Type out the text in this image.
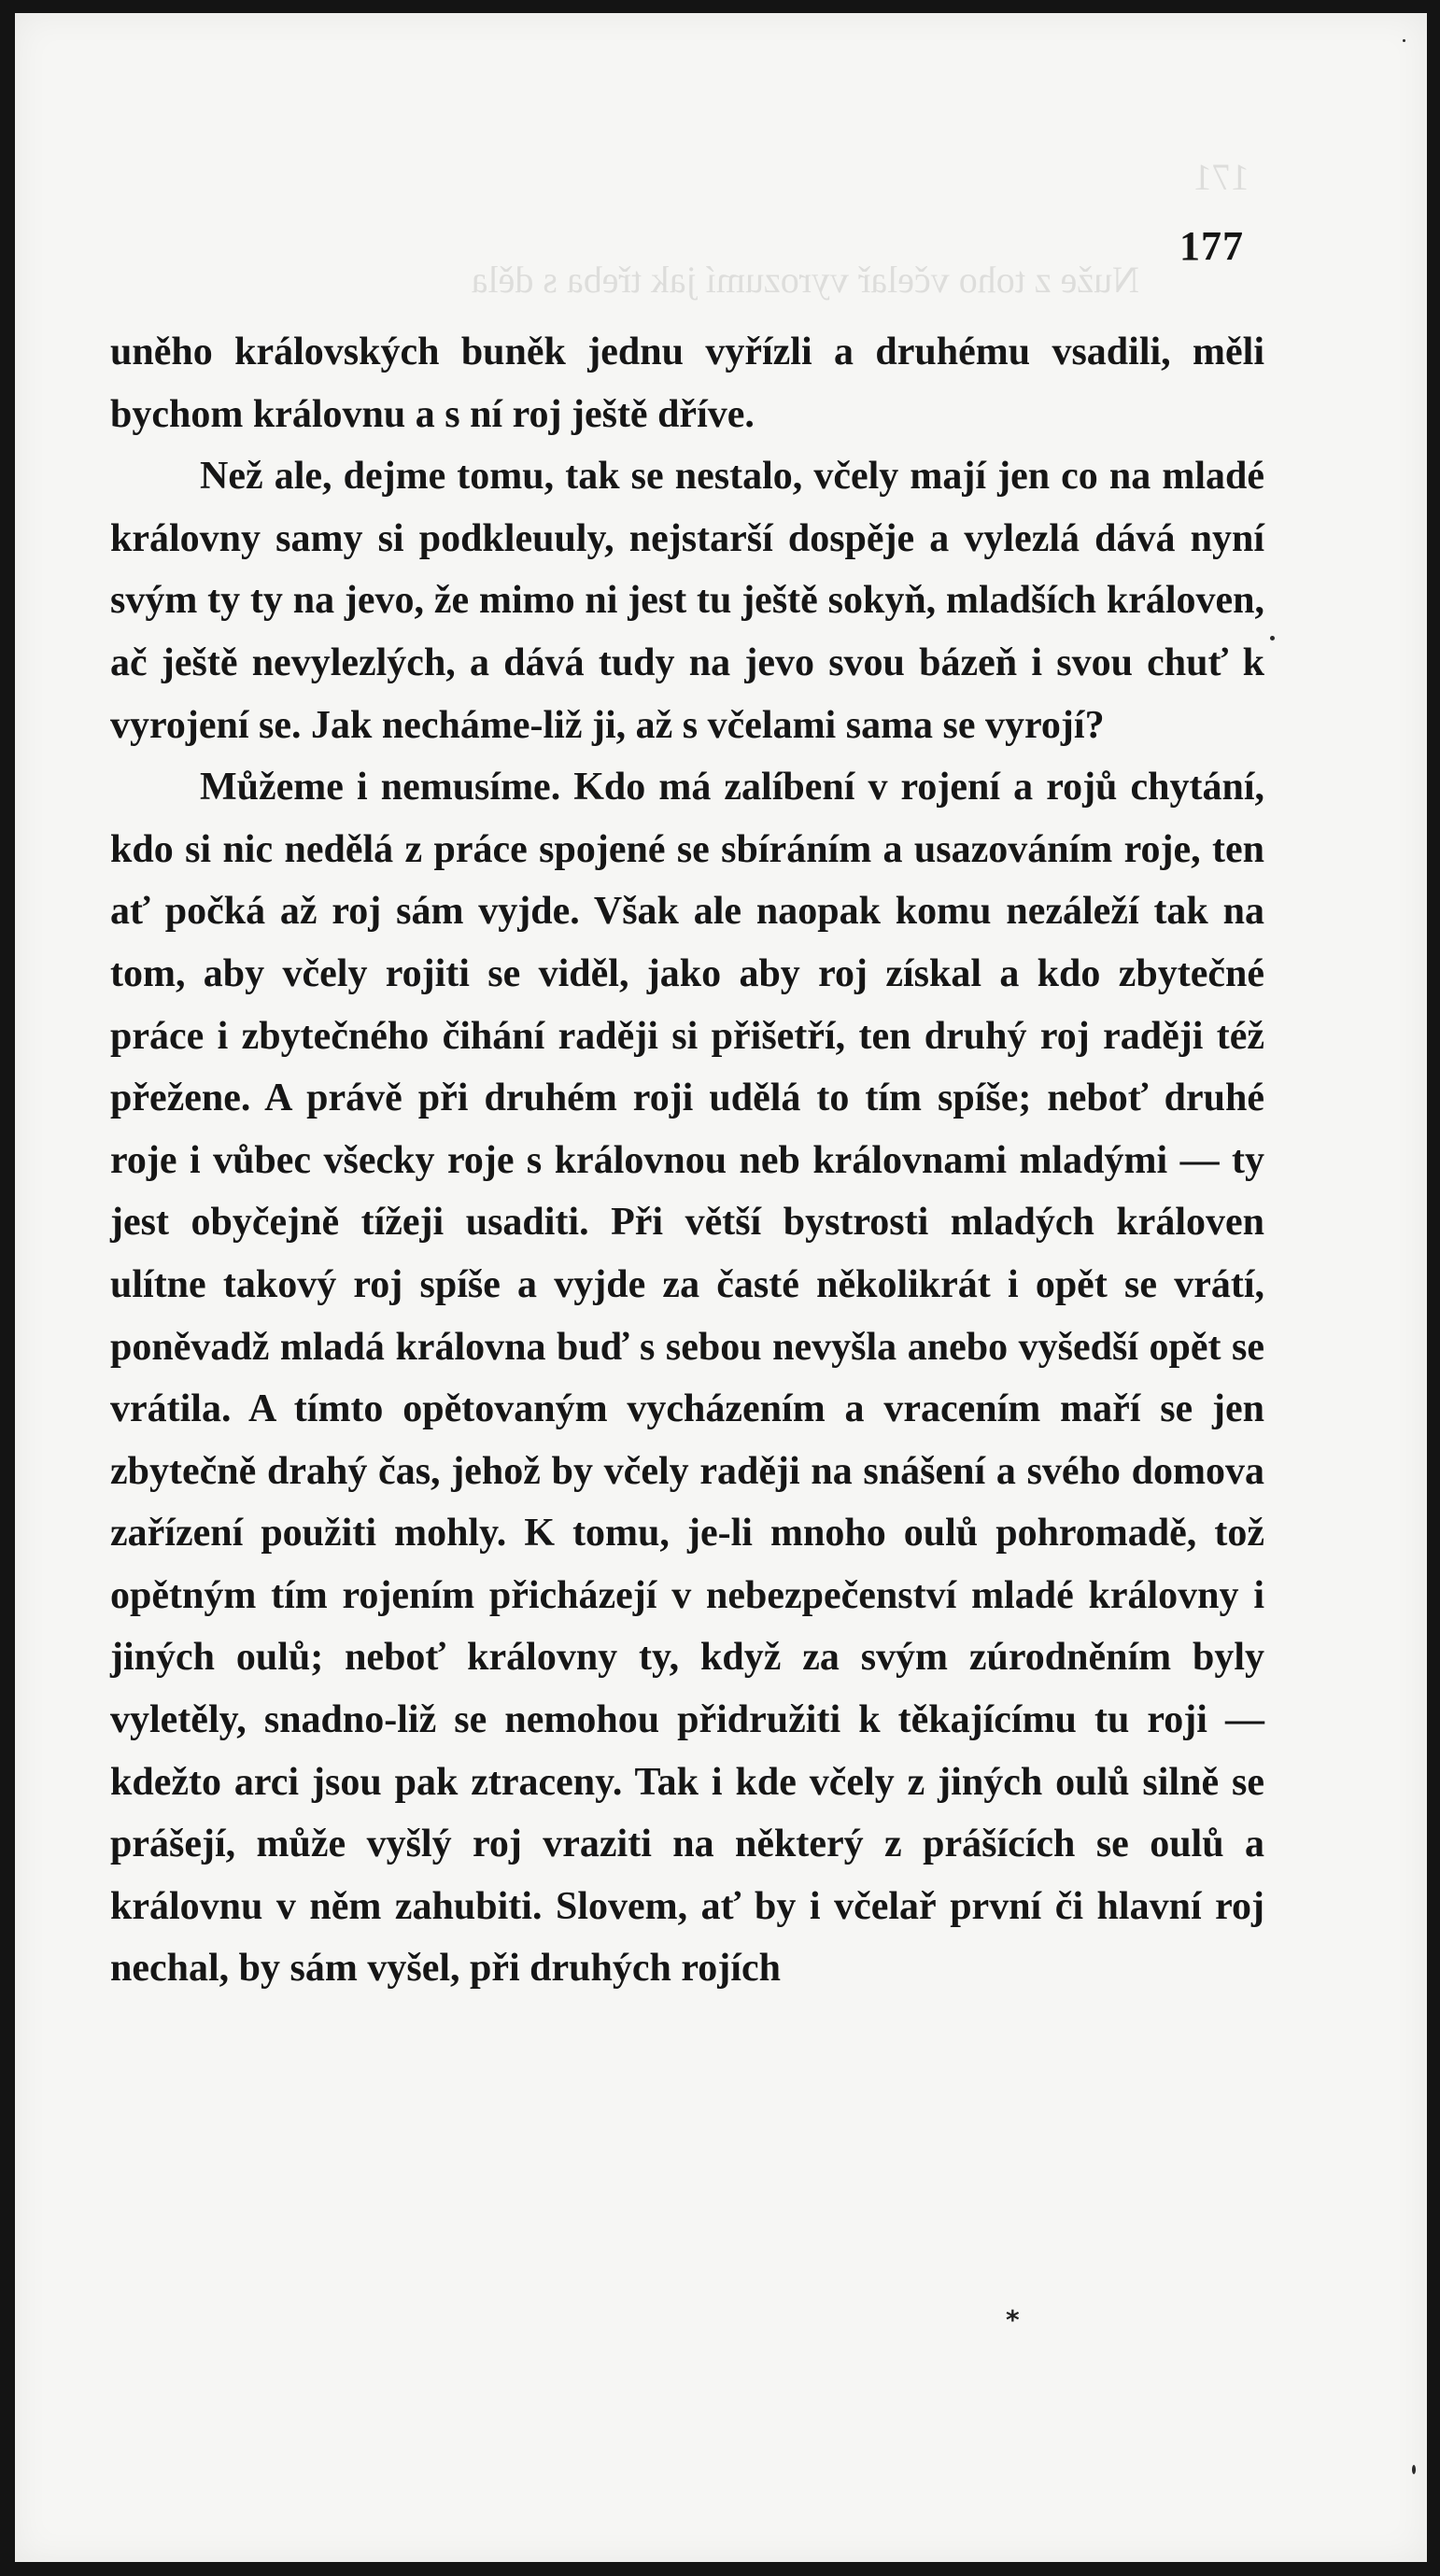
171
Nuže z toho včelař vyrozumí jak třeba s děla
177

uněho královských buněk jednu vyřízli a druhému vsadili, měli bychom královnu a s ní roj ještě dříve.

Než ale, dejme tomu, tak se nestalo, včely mají jen co na mladé královny samy si podkleuuly, nejstarší dospěje a vylezlá dává nyní svým ty ty na jevo, že mimo ni jest tu ještě sokyň, mladších královen, ač ještě nevylezlých, a dává tudy na jevo svou bázeň i svou chuť k vyrojení se. Jak necháme-liž ji, až s včelami sama se vyrojí?

Můžeme i nemusíme. Kdo má zalíbení v rojení a rojů chytání, kdo si nic nedělá z práce spojené se sbíráním a usazováním roje, ten ať počká až roj sám vyjde. Však ale naopak komu nezáleží tak na tom, aby včely rojiti se viděl, jako aby roj získal a kdo zbytečné práce i zbytečného čihání raději si přišetří, ten druhý roj raději též přežene. A právě při druhém roji udělá to tím spíše; neboť druhé roje i vůbec všecky roje s královnou neb královnami mladými — ty jest obyčejně tížeji usaditi. Při větší bystrosti mladých královen ulítne takový roj spíše a vyjde za časté několikrát i opět se vrátí, poněvadž mladá královna buď s sebou nevyšla anebo vyšedší opět se vrátila. A tímto opětovaným vycházením a vracením maří se jen zbytečně drahý čas, jehož by včely raději na snášení a svého domova zařízení použiti mohly. K tomu, je-li mnoho oulů pohromadě, tož opětným tím rojením přicházejí v nebezpečenství mladé královny i jiných oulů; neboť královny ty, když za svým zúrodněním byly vyletěly, snadno-liž se nemohou přidružiti k těkajícímu tu roji — kdežto arci jsou pak ztraceny. Tak i kde včely z jiných oulů silně se prášejí, může vyšlý roj vraziti na některý z prášících se oulů a královnu v něm zahubiti. Slovem, ať by i včelař první či hlavní roj nechal, by sám vyšel, při druhých rojích

*
